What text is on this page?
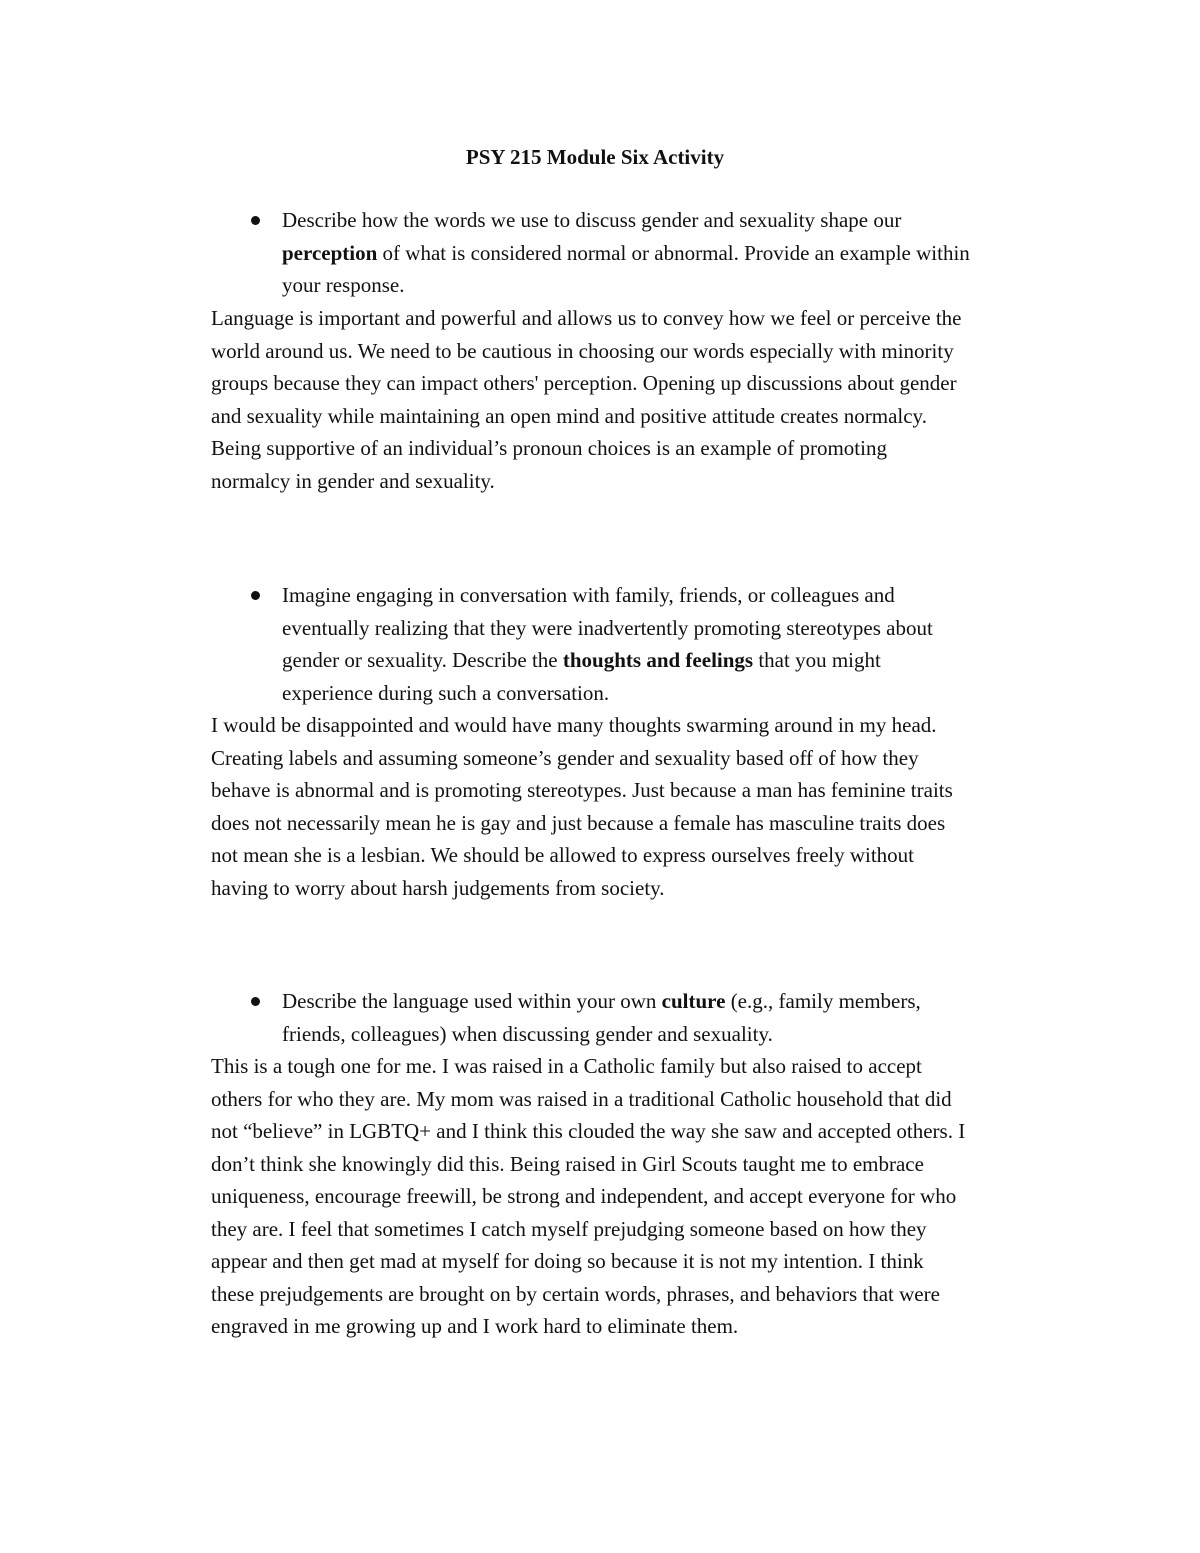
PSY 215 Module Six Activity

Describe how the words we use to discuss gender and sexuality shape our
perception of what is considered normal or abnormal. Provide an example within
your response.

Language is important and powerful and allows us to convey how we feel or perceive the
world around us. We need to be cautious in choosing our words especially with minority
groups because they can impact others' perception. Opening up discussions about gender
and sexuality while maintaining an open mind and positive attitude creates normalcy.
Being supportive of an individual’s pronoun choices is an example of promoting
normalcy in gender and sexuality.

Imagine engaging in conversation with family, friends, or colleagues and
eventually realizing that they were inadvertently promoting stereotypes about
gender or sexuality. Describe the thoughts and feelings that you might
experience during such a conversation.

I would be disappointed and would have many thoughts swarming around in my head.
Creating labels and assuming someone’s gender and sexuality based off of how they
behave is abnormal and is promoting stereotypes. Just because a man has feminine traits
does not necessarily mean he is gay and just because a female has masculine traits does
not mean she is a lesbian. We should be allowed to express ourselves freely without
having to worry about harsh judgements from society.

Describe the language used within your own culture (e.g., family members,
friends, colleagues) when discussing gender and sexuality.

This is a tough one for me. I was raised in a Catholic family but also raised to accept
others for who they are. My mom was raised in a traditional Catholic household that did
not “believe” in LGBTQ+ and I think this clouded the way she saw and accepted others. I
don’t think she knowingly did this. Being raised in Girl Scouts taught me to embrace
uniqueness, encourage freewill, be strong and independent, and accept everyone for who
they are. I feel that sometimes I catch myself prejudging someone based on how they
appear and then get mad at myself for doing so because it is not my intention. I think
these prejudgements are brought on by certain words, phrases, and behaviors that were
engraved in me growing up and I work hard to eliminate them.
